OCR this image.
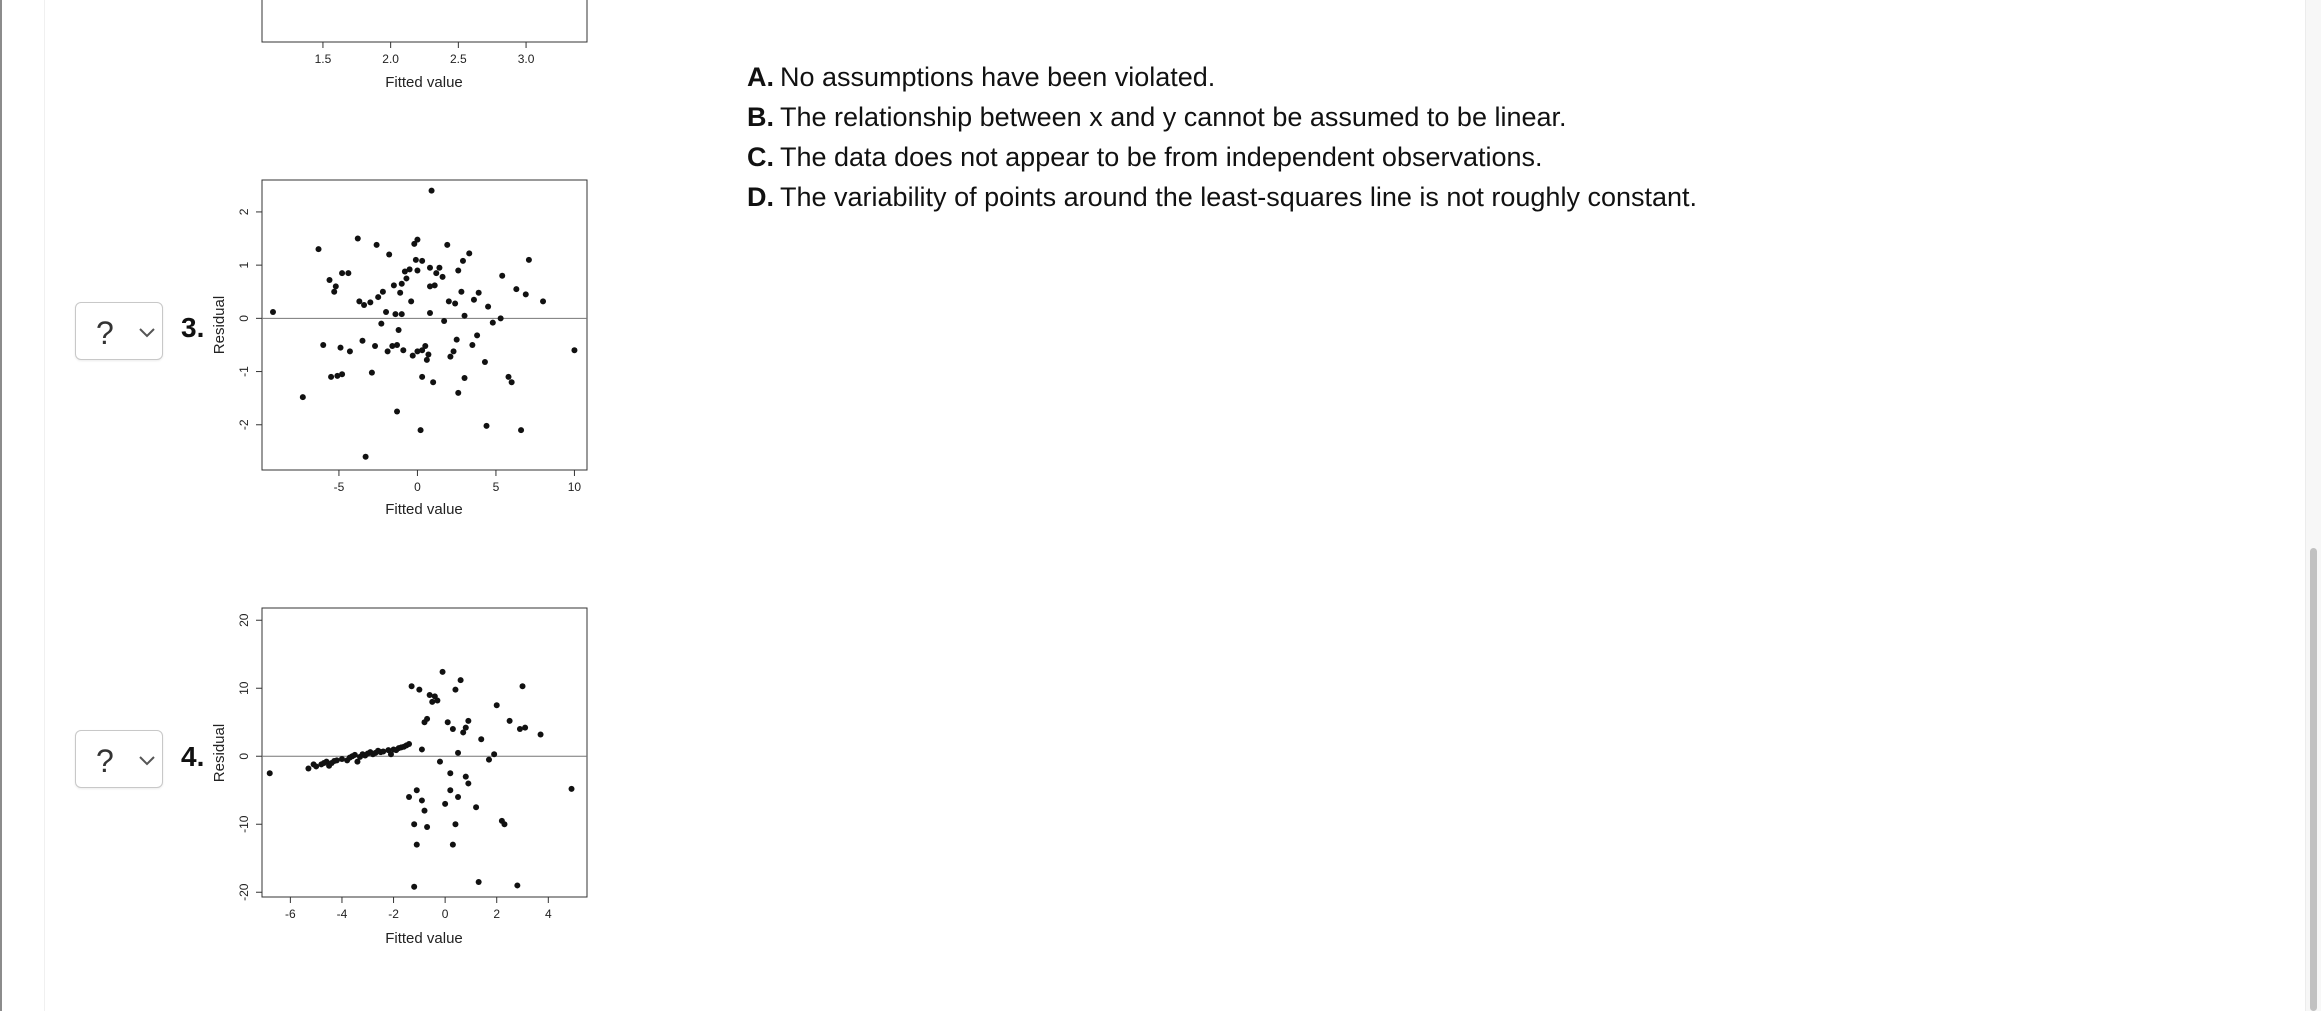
1.5	2.0	2.5	3.0
Fitted value
-5	0	5	10
-2
-1
0
1
2
Fitted value
Residual
-6	-4	-2	0	2	4
-20
-10
0
10
20
Fitted value
Residual
? 3.
? 4.
A. No assumptions have been violated.
B. The relationship between x and y cannot be assumed to be linear.
C. The data does not appear to be from independent observations.
D. The variability of points around the least-squares line is not roughly constant.
